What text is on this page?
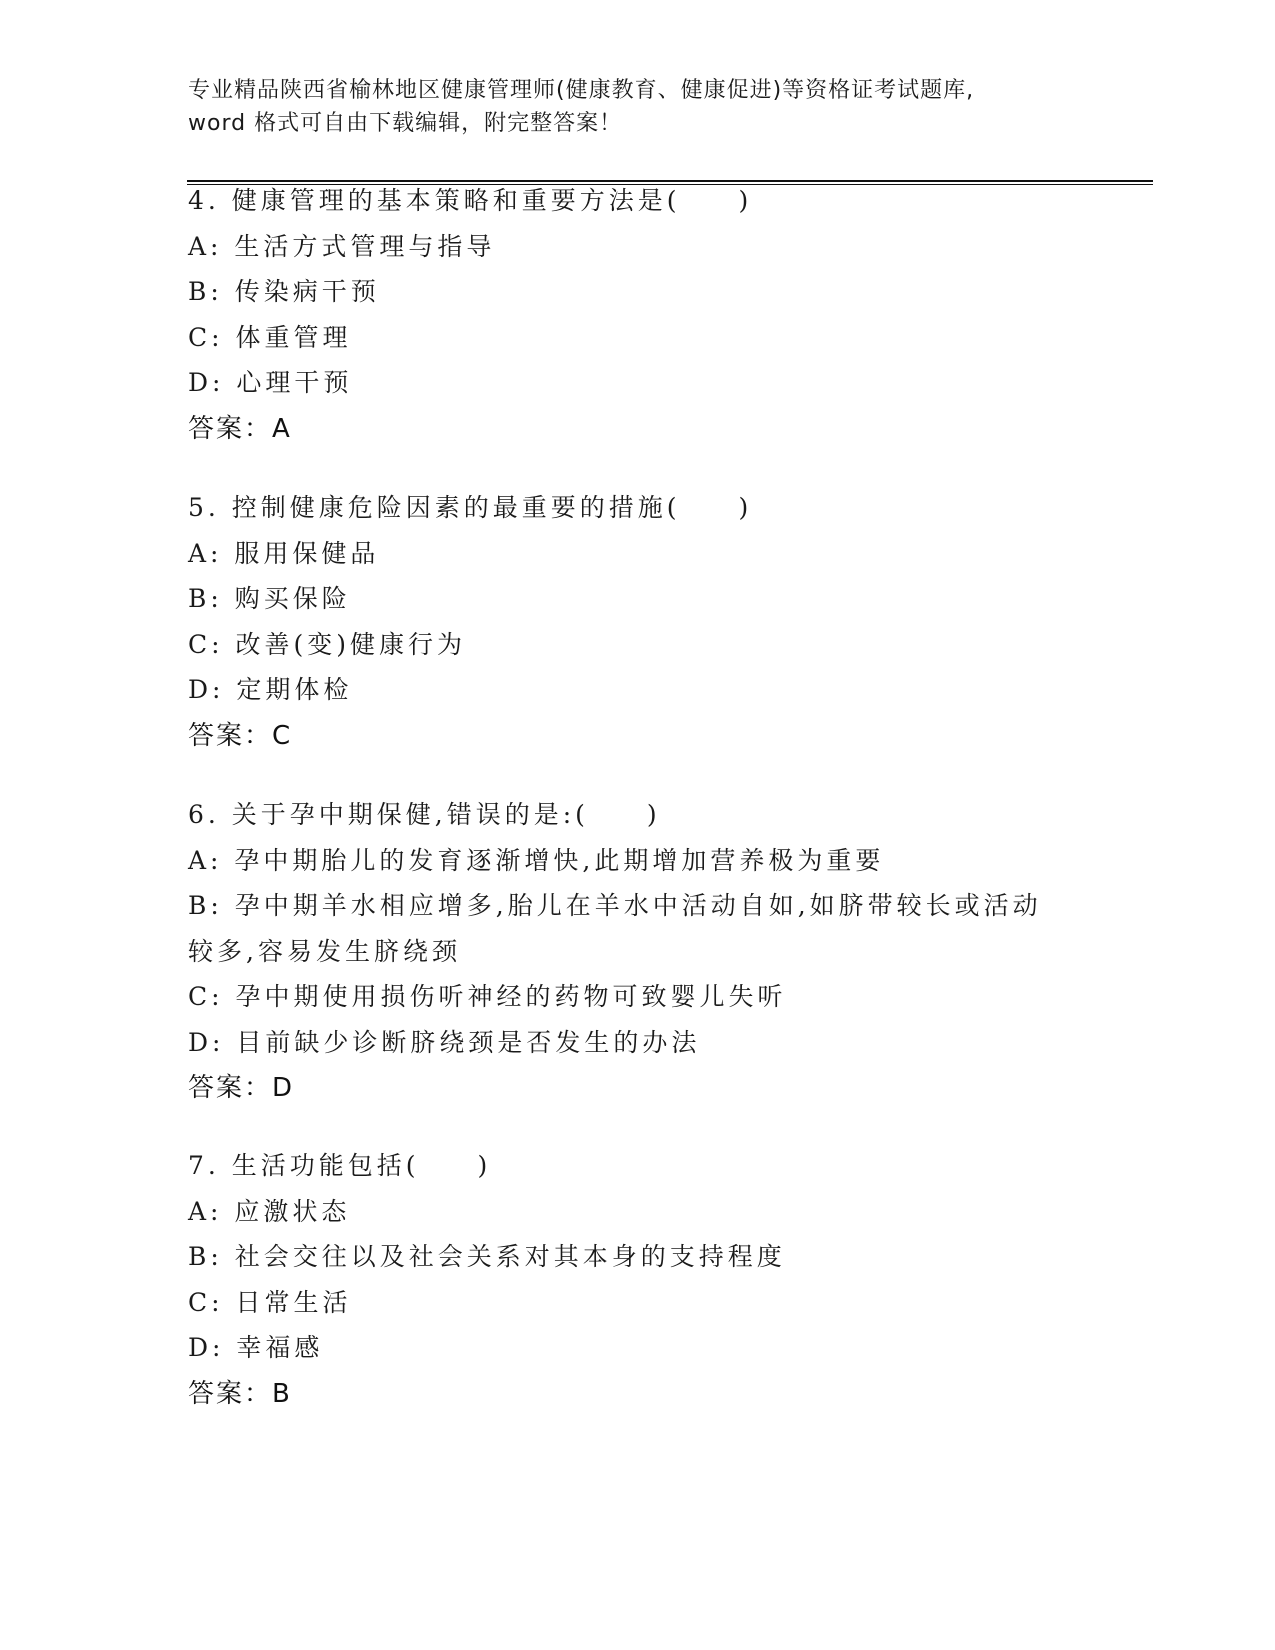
专业精品陕西省榆林地区健康管理师(健康教育、健康促进)等资格证考试题库,
word 格式可自由下载编辑，附完整答案！
4. 健康管理的基本策略和重要方法是(　　)
A: 生活方式管理与指导
B: 传染病干预
C: 体重管理
D: 心理干预
答案：A
5. 控制健康危险因素的最重要的措施(　　)
A: 服用保健品
B: 购买保险
C: 改善(变)健康行为
D: 定期体检
答案：C
6. 关于孕中期保健,错误的是:(　　)
A: 孕中期胎儿的发育逐渐增快,此期增加营养极为重要
B: 孕中期羊水相应增多,胎儿在羊水中活动自如,如脐带较长或活动较多,容易发生脐绕颈
C: 孕中期使用损伤听神经的药物可致婴儿失听
D: 目前缺少诊断脐绕颈是否发生的办法
答案：D
7. 生活功能包括(　　)
A: 应激状态
B: 社会交往以及社会关系对其本身的支持程度
C: 日常生活
D: 幸福感
答案：B
